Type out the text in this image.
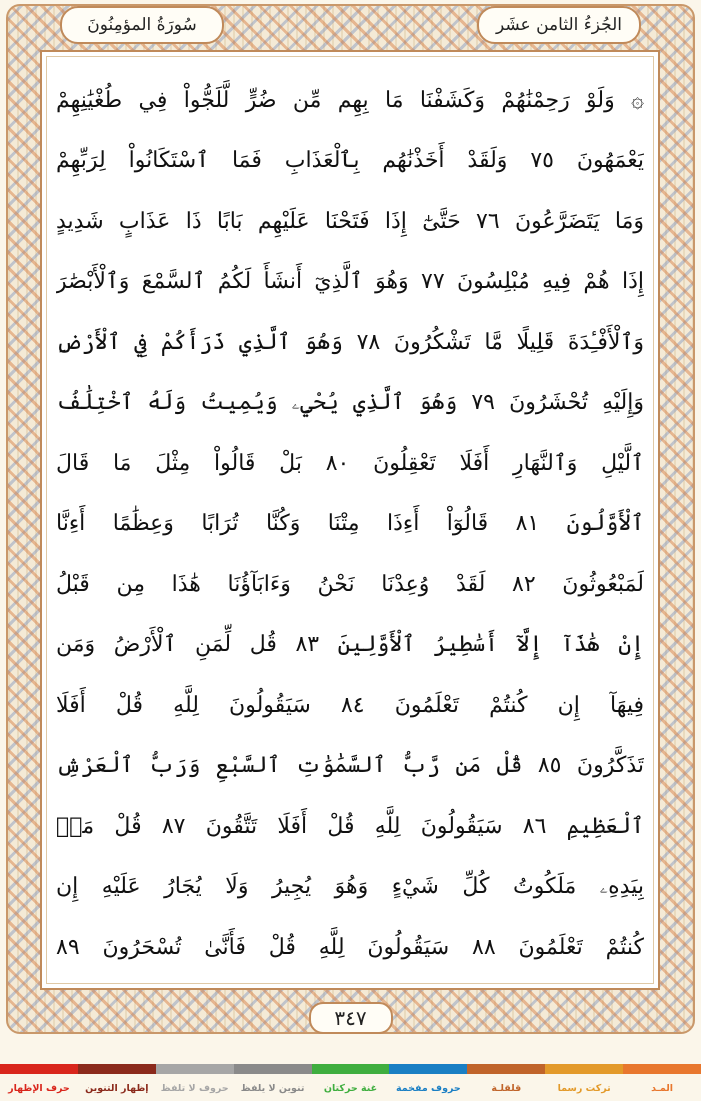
الجُزءُ الثامن عشَر
سُورَةُ المؤمِنُونَ
۞ وَلَوْ رَحِمْنَٰهُمْ وَكَشَفْنَا مَا بِهِم مِّن ضُرٍّ لَّلَجُّواْ فِي طُغْيَٰنِهِمْ
يَعْمَهُونَ ٧٥ وَلَقَدْ أَخَذْنَٰهُم بِٱلْعَذَابِ فَمَا ٱسْتَكَانُواْ لِرَبِّهِمْ
وَمَا يَتَضَرَّعُونَ ٧٦ حَتَّىٰٓ إِذَا فَتَحْنَا عَلَيْهِم بَابًا ذَا عَذَابٍ شَدِيدٍ
إِذَا هُمْ فِيهِ مُبْلِسُونَ ٧٧ وَهُوَ ٱلَّذِيٓ أَنشَأَ لَكُمُ ٱلسَّمْعَ وَٱلْأَبْصَٰرَ
وَٱلْأَفْـِٔدَةَ قَلِيلًا مَّا تَشْكُرُونَ ٧٨ وَهُوَ ٱلَّذِي ذَرَأَكُمْ فِي ٱلْأَرْضِ
وَإِلَيْهِ تُحْشَرُونَ ٧٩ وَهُوَ ٱلَّذِي يُحْيِۦ وَيُمِيتُ وَلَهُ ٱخْتِلَٰفُ
ٱلَّيْلِ وَٱلنَّهَارِ أَفَلَا تَعْقِلُونَ ٨٠ بَلْ قَالُواْ مِثْلَ مَا قَالَ
ٱلْأَوَّلُونَ ٨١ قَالُوٓاْ أَءِذَا مِتْنَا وَكُنَّا تُرَابًا وَعِظَٰمًا أَءِنَّا
لَمَبْعُوثُونَ ٨٢ لَقَدْ وُعِدْنَا نَحْنُ وَءَابَآؤُنَا هَٰذَا مِن قَبْلُ
إِنْ هَٰذَآ إِلَّآ أَسَٰطِيرُ ٱلْأَوَّلِينَ ٨٣ قُل لِّمَنِ ٱلْأَرْضُ وَمَن
فِيهَآ إِن كُنتُمْ تَعْلَمُونَ ٨٤ سَيَقُولُونَ لِلَّهِ قُلْ أَفَلَا
تَذَكَّرُونَ ٨٥ قُلْ مَن رَّبُّ ٱلسَّمَٰوَٰتِ ٱلسَّبْعِ وَرَبُّ ٱلْعَرْشِ
ٱلْعَظِيمِ ٨٦ سَيَقُولُونَ لِلَّهِ قُلْ أَفَلَا تَتَّقُونَ ٨٧ قُلْ مَنۢ
بِيَدِهِۦ مَلَكُوتُ كُلِّ شَيْءٍ وَهُوَ يُجِيرُ وَلَا يُجَارُ عَلَيْهِ إِن
كُنتُمْ تَعْلَمُونَ ٨٨ سَيَقُولُونَ لِلَّهِ قُلْ فَأَنَّىٰ تُسْحَرُونَ ٨٩
٣٤٧
المـد
تركت رسما
قلقلـة
حروف مفخمة
غنة حركتان
تنوين لا يلفظ
حروف لا تلفظ
إظهار التنوين
حرف الإظهار
